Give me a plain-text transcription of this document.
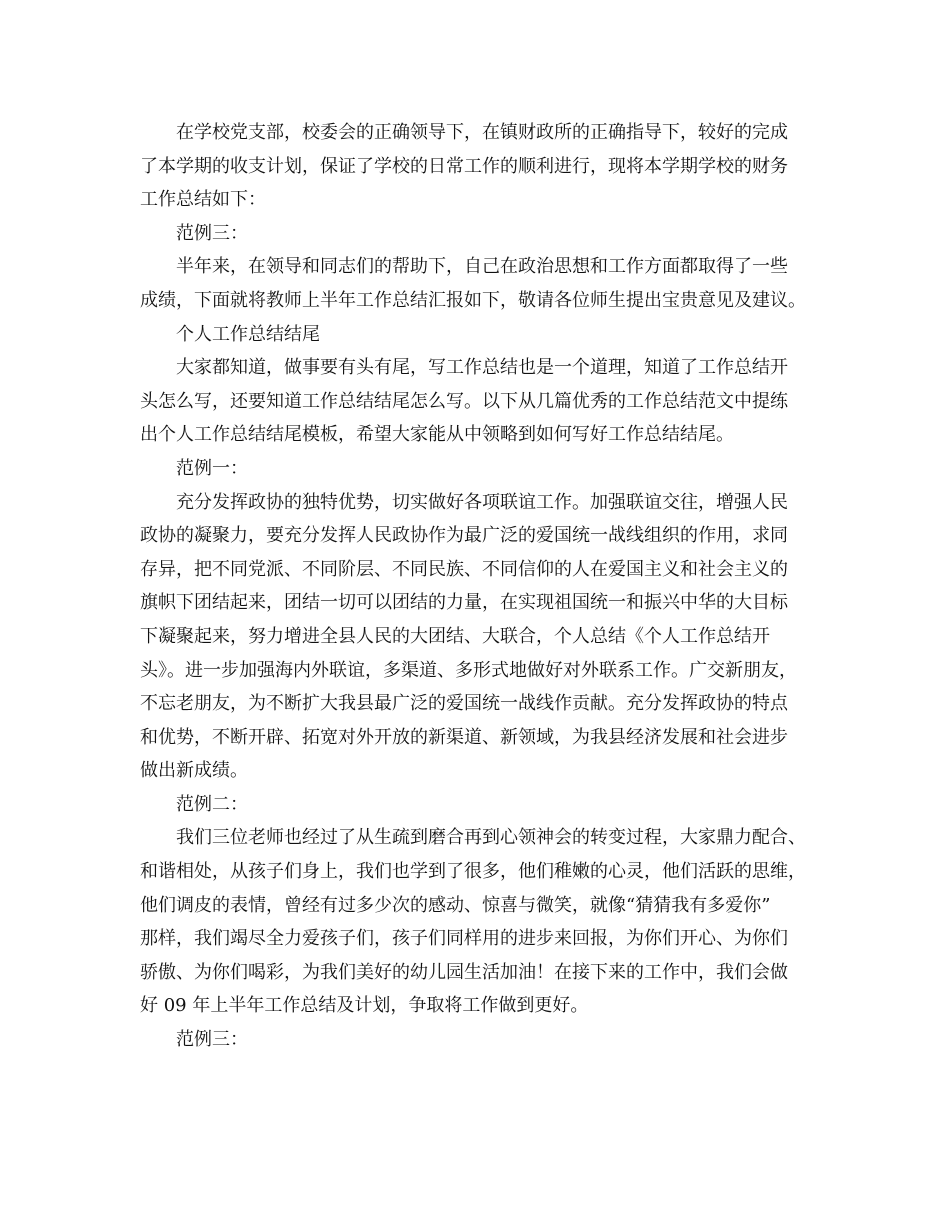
在学校党支部，校委会的正确领导下，在镇财政所的正确指导下，较好的完成
了本学期的收支计划，保证了学校的日常工作的顺利进行，现将本学期学校的财务
工作总结如下：

范例三：

半年来，在领导和同志们的帮助下，自己在政治思想和工作方面都取得了一些
成绩，下面就将教师上半年工作总结汇报如下，敬请各位师生提出宝贵意见及建议。

个人工作总结结尾

大家都知道，做事要有头有尾，写工作总结也是一个道理，知道了工作总结开
头怎么写，还要知道工作总结结尾怎么写。以下从几篇优秀的工作总结范文中提练
出个人工作总结结尾模板，希望大家能从中领略到如何写好工作总结结尾。

范例一：

充分发挥政协的独特优势，切实做好各项联谊工作。加强联谊交往，增强人民
政协的凝聚力，要充分发挥人民政协作为最广泛的爱国统一战线组织的作用，求同
存异，把不同党派、不同阶层、不同民族、不同信仰的人在爱国主义和社会主义的
旗帜下团结起来，团结一切可以团结的力量，在实现祖国统一和振兴中华的大目标
下凝聚起来，努力增进全县人民的大团结、大联合，个人总结《个人工作总结开
头》。进一步加强海内外联谊，多渠道、多形式地做好对外联系工作。广交新朋友，
不忘老朋友，为不断扩大我县最广泛的爱国统一战线作贡献。充分发挥政协的特点
和优势，不断开辟、拓宽对外开放的新渠道、新领域，为我县经济发展和社会进步
做出新成绩。

范例二：

我们三位老师也经过了从生疏到磨合再到心领神会的转变过程，大家鼎力配合、
和谐相处，从孩子们身上，我们也学到了很多，他们稚嫩的心灵，他们活跃的思维，
他们调皮的表情，曾经有过多少次的感动、惊喜与微笑，就像“猜猜我有多爱你”
那样，我们竭尽全力爱孩子们，孩子们同样用的进步来回报，为你们开心、为你们
骄傲、为你们喝彩，为我们美好的幼儿园生活加油！在接下来的工作中，我们会做
好 09 年上半年工作总结及计划，争取将工作做到更好。

范例三：
